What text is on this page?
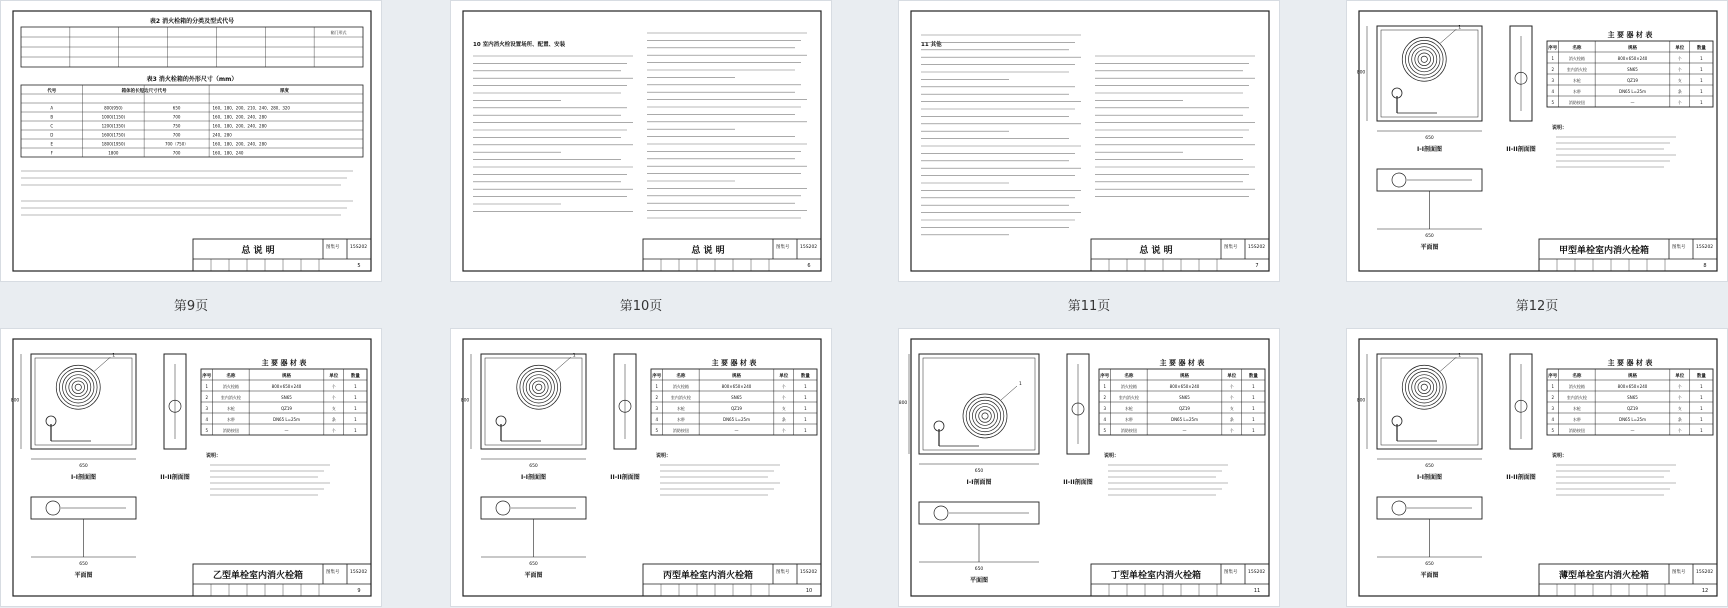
总 说 明	图集号 15S202
5
表2 消火栓箱的分类及型式代号
箱门形式
表3 消火栓箱的外形尺寸（mm）
代号	箱体的长短边尺寸代号	厚度
A	800(950)	650	160、180、200、210、240、280、320
B	1000(1150)	700	160、180、200、240、280
C	1200(1350)	750	160、180、200、240、280
D	1600(1750)	700	240、280
E	1800(1950)	700（750）	160、180、200、240、280
F	1800	700	160、180、240
第9页
总 说 明	图集号 15S202
6
10 室内消火栓设置场所、配置、安装
第10页
总 说 明	图集号 15S202
7
11 其他
第11页
甲型单栓室内消火栓箱	图集号 15S202
8
650
800
1
I-I剖面图	II-II剖面图
650
平面图
主 要 器 材 表
序号	名称	规格	单位	数量
1	消火栓箱	800×650×240	个	1
2	室内消火栓	SN65	个	1
3	水枪	QZ19	支	1
4	水带	DN65 L=25m	条	1
5	消防按钮	—	个	1
说明：
第12页
乙型单栓室内消火栓箱	图集号 15S202
9
650
800
1
I-I剖面图	II-II剖面图
650
平面图
主 要 器 材 表
序号	名称	规格	单位	数量
1	消火栓箱	800×650×240	个	1
2	室内消火栓	SN65	个	1
3	水枪	QZ19	支	1
4	水带	DN65 L=25m	条	1
5	消防按钮	—	个	1
说明：
丙型单栓室内消火栓箱	图集号 15S202
10
650
800
1
I-I剖面图	II-II剖面图
650
平面图
主 要 器 材 表
序号	名称	规格	单位	数量
1	消火栓箱	800×650×240	个	1
2	室内消火栓	SN65	个	1
3	水枪	QZ19	支	1
4	水带	DN65 L=25m	条	1
5	消防按钮	—	个	1
说明：
丁型单栓室内消火栓箱	图集号 15S202
11
650
800
1
I-I剖面图	II-II剖面图
650
平面图
主 要 器 材 表
序号	名称	规格	单位	数量
1	消火栓箱	800×650×240	个	1
2	室内消火栓	SN65	个	1
3	水枪	QZ19	支	1
4	水带	DN65 L=25m	条	1
5	消防按钮	—	个	1
说明：
薄型单栓室内消火栓箱	图集号 15S202
12
650
800
1
I-I剖面图	II-II剖面图
650
平面图
主 要 器 材 表
序号	名称	规格	单位	数量
1	消火栓箱	800×650×240	个	1
2	室内消火栓	SN65	个	1
3	水枪	QZ19	支	1
4	水带	DN65 L=25m	条	1
5	消防按钮	—	个	1
说明：
